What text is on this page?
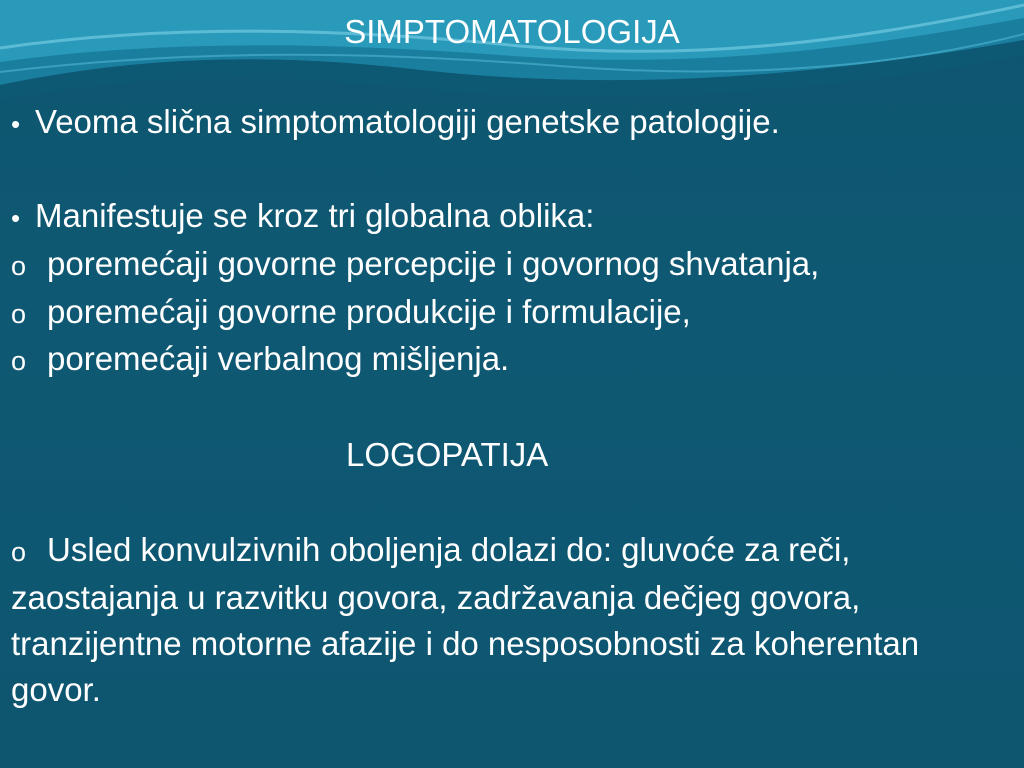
SIMPTOMATOLOGIJA
• Veoma slična simptomatologiji genetske patologije.
• Manifestuje se kroz tri globalna oblika:
o poremećaji govorne percepcije i govornog shvatanja,
o poremećaji govorne produkcije i formulacije,
o poremećaji verbalnog mišljenja.
LOGOPATIJA
o Usled konvulzivnih oboljenja dolazi do: gluvoće za reči, zaostajanja u razvitku govora, zadržavanja dečjeg govora, tranzijentne motorne afazije i do nesposobnosti za koherentan govor.
